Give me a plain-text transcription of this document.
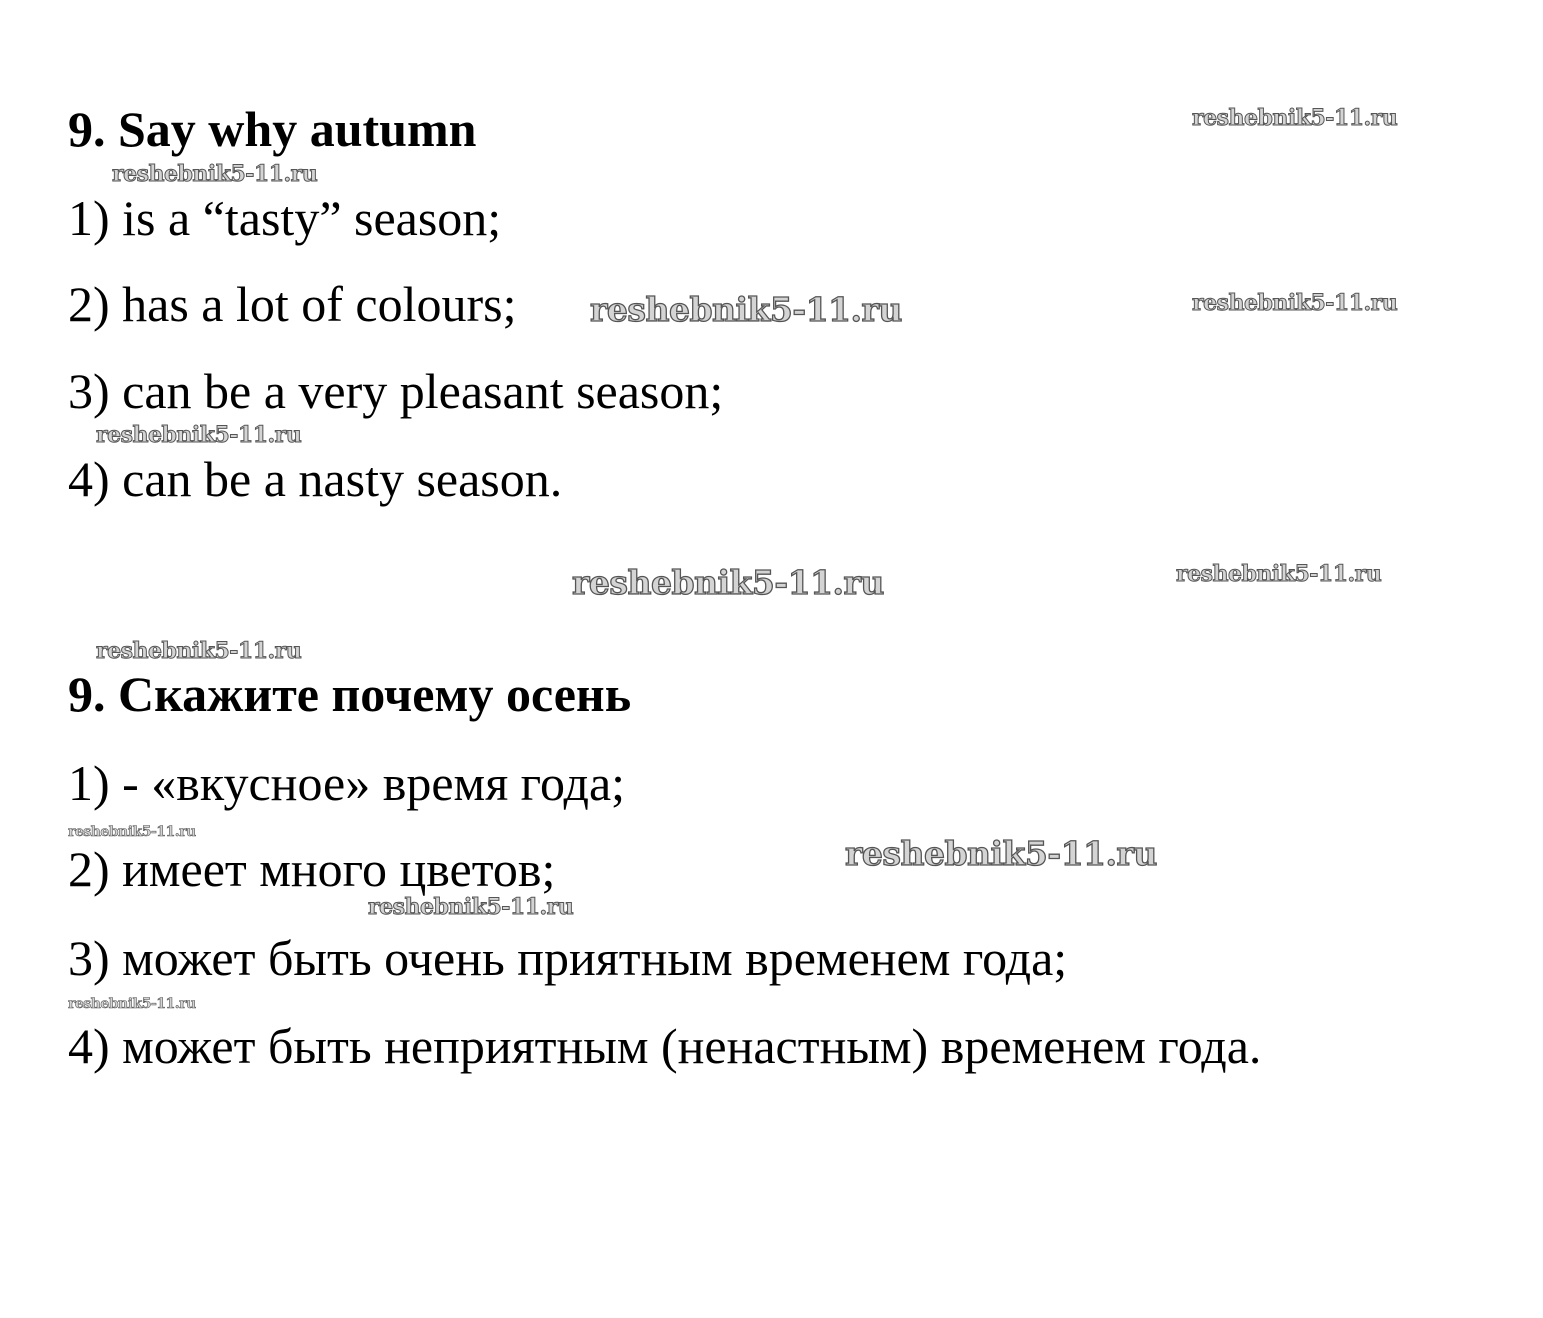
9. Say why autumn

1) is a “tasty” season;

2) has a lot of colours;

3) can be a very pleasant season;

4) can be a nasty season.

9. Скажите почему осень

1) - «вкусное» время года;

2) имеет много цветов;

3) может быть очень приятным временем года;

4) может быть неприятным (ненастным) временем года.

reshebnik5-11.ru
reshebnik5-11.ru
reshebnik5-11.ru	reshebnik5-11.ru
reshebnik5-11.ru
reshebnik5-11.ru	reshebnik5-11.ru
reshebnik5-11.ru
reshebnik5-11.ru
reshebnik5-11.ru
reshebnik5-11.ru
reshebnik5-11.ru
